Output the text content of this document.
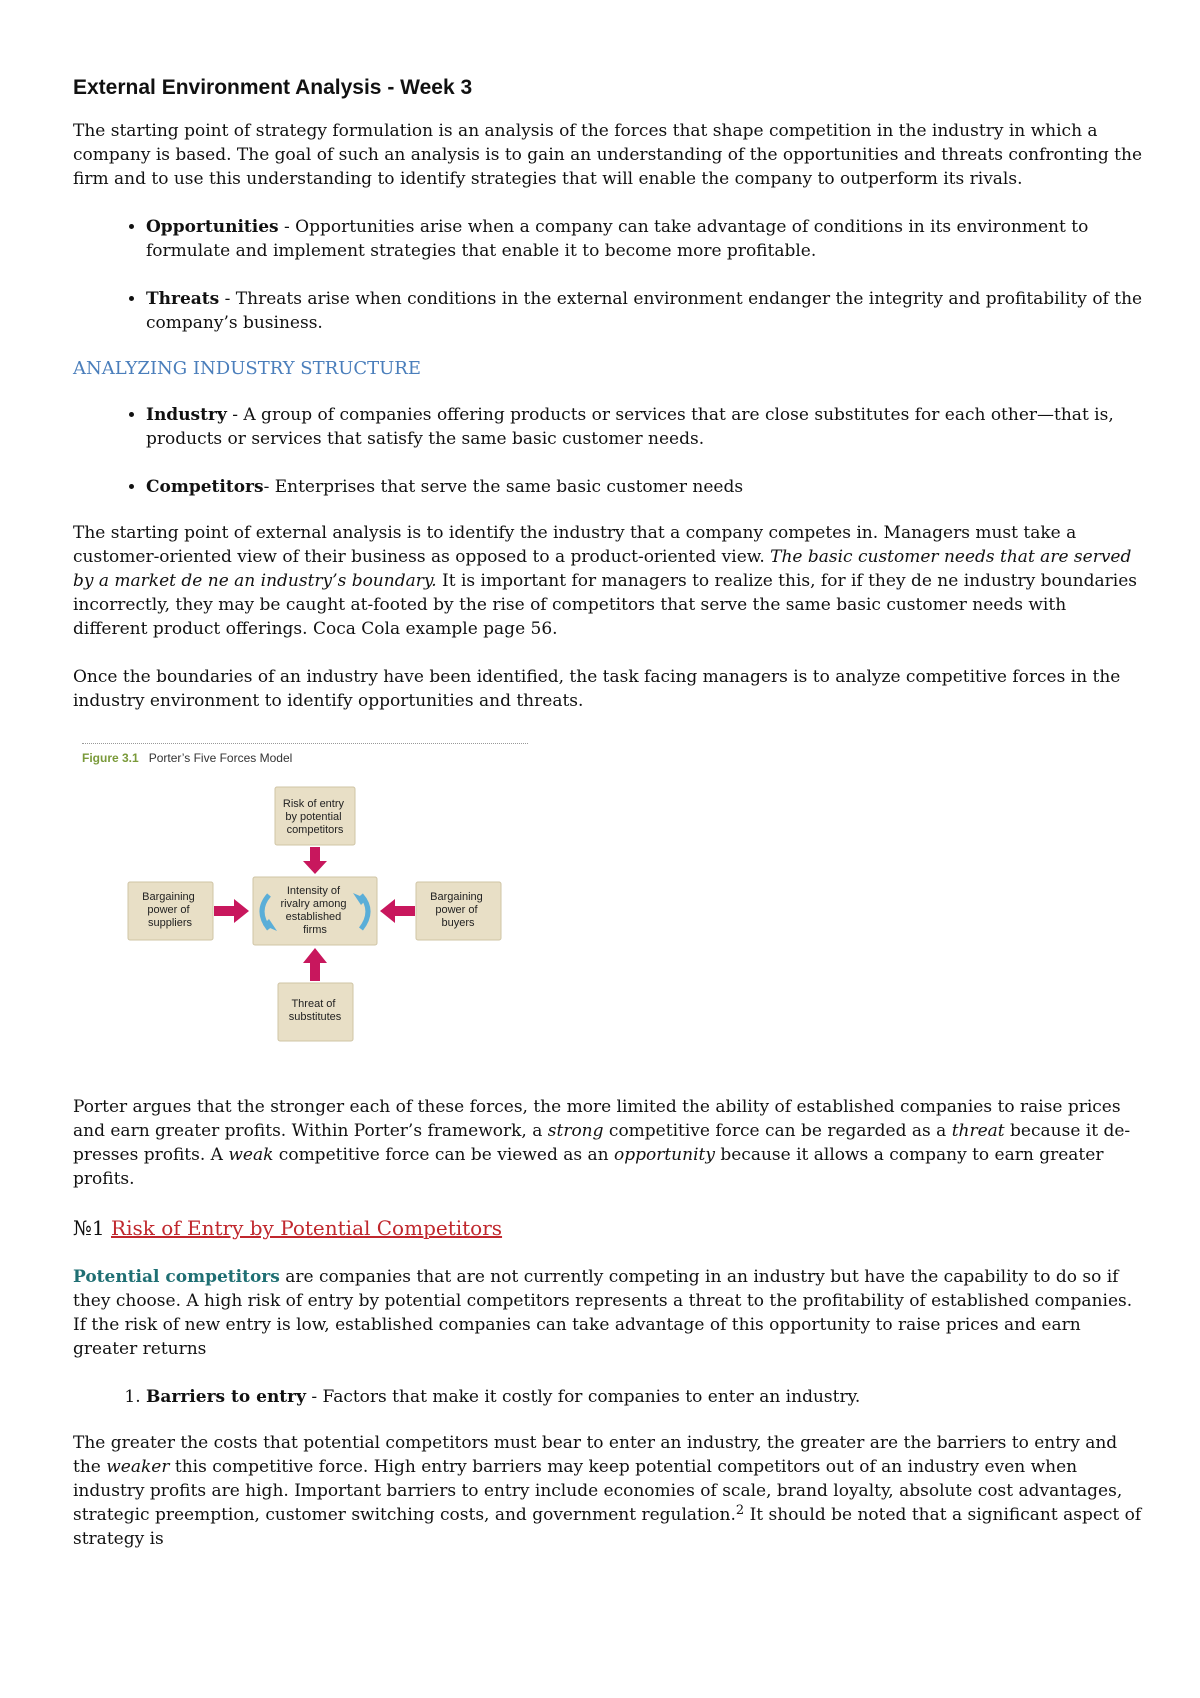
External Environment Analysis - Week 3

The starting point of strategy formulation is an analysis of the forces that shape competition in the industry in which a company is based. The goal of such an analysis is to gain an understanding of the opportunities and threats confronting the firm and to use this understanding to identify strategies that will enable the company to outperform its rivals.

• Opportunities - Opportunities arise when a company can take advantage of conditions in its environment to formulate and implement strategies that enable it to become more profitable.
• Threats - Threats arise when conditions in the external environment endanger the integrity and profitability of the company’s business.
ANALYZING INDUSTRY STRUCTURE
• Industry - A group of companies offering products or services that are close substitutes for each other—that is, products or services that satisfy the same basic customer needs.
• Competitors- Enterprises that serve the same basic customer needs

The starting point of external analysis is to identify the industry that a company competes in. Managers must take a customer-oriented view of their business as opposed to a product-oriented view. The basic customer needs that are served by a market de ne an industry’s boundary. It is important for managers to realize this, for if they de ne industry boundaries incorrectly, they may be caught at-footed by the rise of competitors that serve the same basic customer needs with different product offerings. Coca Cola example page 56.

Once the boundaries of an industry have been identified, the task facing managers is to analyze competitive forces in the industry environment to identify opportunities and threats.

Figure 3.1 Porter’s Five Forces Model
Risk of entry by potential competitors
Bargaining power of suppliers
Intensity of rivalry among established firms
Bargaining power of buyers
Threat of substitutes

Porter argues that the stronger each of these forces, the more limited the ability of established companies to raise prices and earn greater profits. Within Porter’s framework, a strong competitive force can be regarded as a threat because it de- presses profits. A weak competitive force can be viewed as an opportunity because it allows a company to earn greater profits.

№1 Risk of Entry by Potential Competitors

Potential competitors are companies that are not currently competing in an industry but have the capability to do so if they choose. A high risk of entry by potential competitors represents a threat to the profitability of established companies. If the risk of new entry is low, established companies can take advantage of this opportunity to raise prices and earn greater returns

1. Barriers to entry - Factors that make it costly for companies to enter an industry.

The greater the costs that potential competitors must bear to enter an industry, the greater are the barriers to entry and the weaker this competitive force. High entry barriers may keep potential competitors out of an industry even when industry profits are high. Important barriers to entry include economies of scale, brand loyalty, absolute cost advantages, strategic preemption, customer switching costs, and government regulation.$^2$ It should be noted that a significant aspect of strategy is
